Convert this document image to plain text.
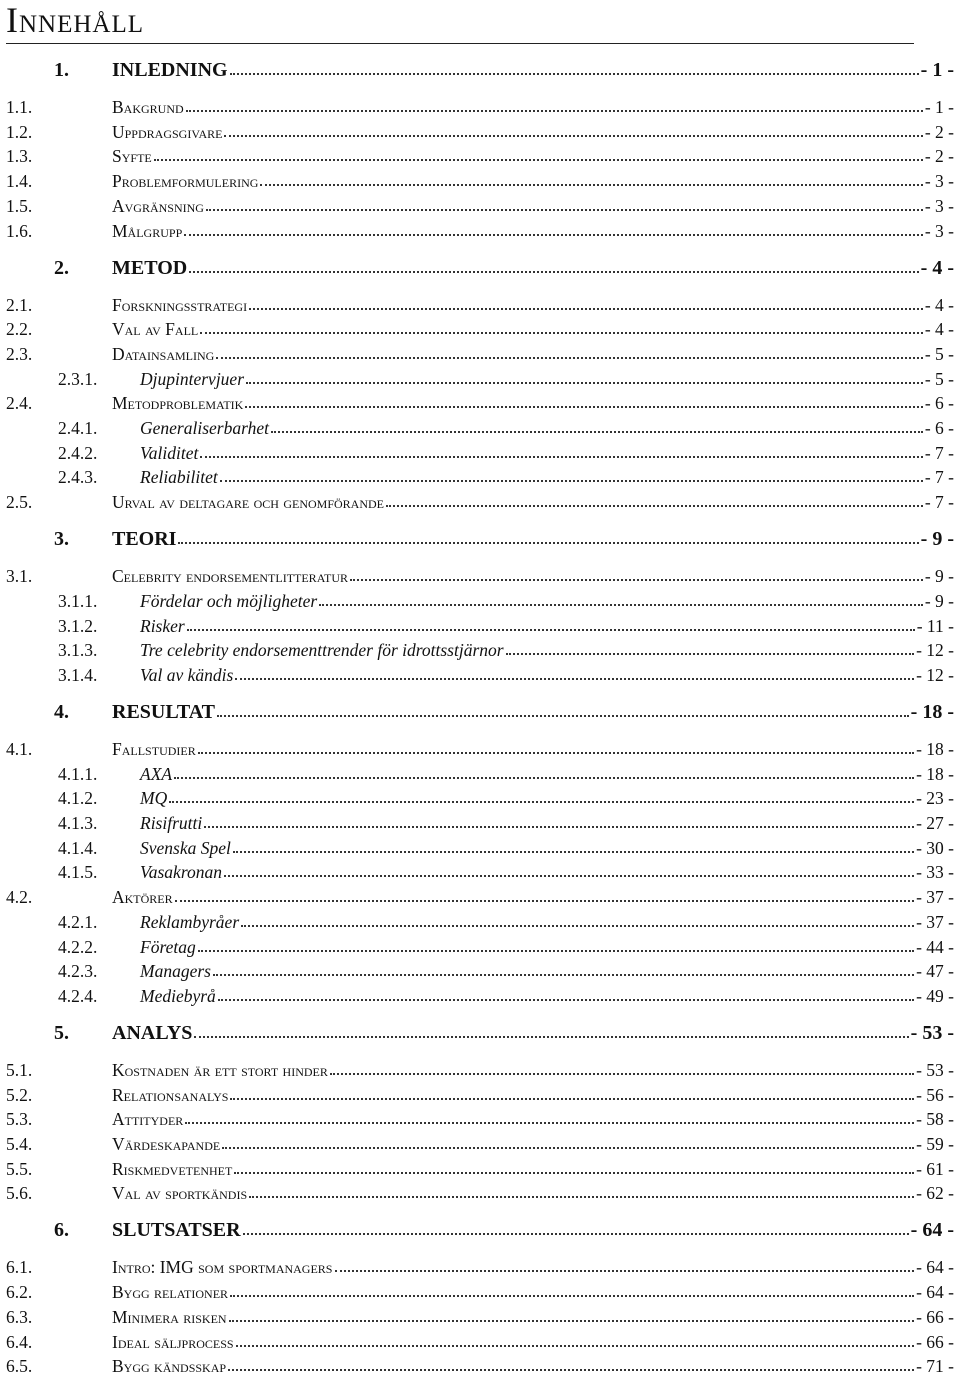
Innehåll
1. INLEDNING	- 1 -
1.1.	Bakgrund	- 1 -
1.2.	Uppdragsgivare	- 2 -
1.3.	Syfte	- 2 -
1.4.	Problemformulering	- 3 -
1.5.	Avgränsning	- 3 -
1.6.	Målgrupp	- 3 -
2. METOD	- 4 -
2.1.	Forskningsstrategi	- 4 -
2.2.	Val av Fall	- 4 -
2.3.	Datainsamling	- 5 -
2.3.1. Djupintervjuer	- 5 -
2.4.	Metodproblematik	- 6 -
2.4.1. Generaliserbarhet	- 6 -
2.4.2. Validitet	- 7 -
2.4.3. Reliabilitet	- 7 -
2.5.	Urval av deltagare och genomförande	- 7 -
3. TEORI	- 9 -
3.1.	Celebrity endorsementlitteratur	- 9 -
3.1.1. Fördelar och möjligheter	- 9 -
3.1.2. Risker	- 11 -
3.1.3. Tre celebrity endorsementtrender för idrottsstjärnor	- 12 -
3.1.4. Val av kändis	- 12 -
4. RESULTAT	- 18 -
4.1.	Fallstudier	- 18 -
4.1.1. AXA	- 18 -
4.1.2. MQ	- 23 -
4.1.3. Risifrutti	- 27 -
4.1.4. Svenska Spel	- 30 -
4.1.5. Vasakronan	- 33 -
4.2.	Aktörer	- 37 -
4.2.1. Reklambyråer	- 37 -
4.2.2. Företag	- 44 -
4.2.3. Managers	- 47 -
4.2.4. Mediebyrå	- 49 -
5. ANALYS	- 53 -
5.1.	Kostnaden är ett stort hinder	- 53 -
5.2.	Relationsanalys	- 56 -
5.3.	Attityder	- 58 -
5.4.	Värdeskapande	- 59 -
5.5.	Riskmedvetenhet	- 61 -
5.6.	Val av sportkändis	- 62 -
6. SLUTSATSER	- 64 -
6.1.	Intro: IMG som sportmanagers	- 64 -
6.2.	Bygg relationer	- 64 -
6.3.	Minimera risken	- 66 -
6.4.	Ideal säljprocess	- 66 -
6.5.	Bygg kändsskap	- 71 -
